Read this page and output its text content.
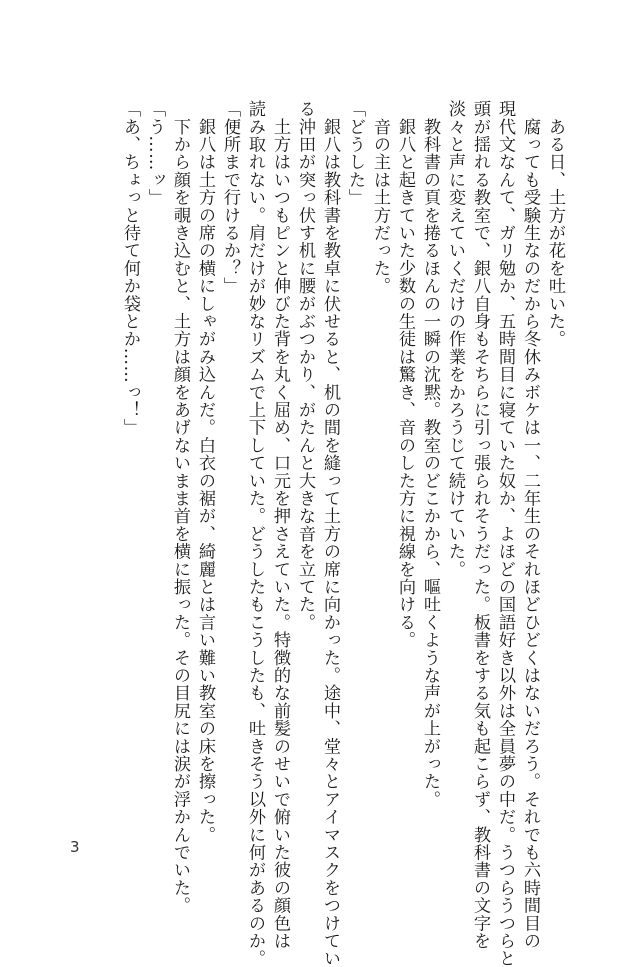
　ある日、土方が花を吐いた。
　腐っても受験生なのだから冬休みボケは一、二年生のそれほどひどくはないだろう。それでも六時間目の
現代文なんて、ガリ勉か、五時間目に寝ていた奴か、よほどの国語好き以外は全員夢の中だ。うつらうつらと
頭が揺れる教室で、銀八自身もそちらに引っ張られそうだった。板書をする気も起こらず、教科書の文字を
淡々と声に変えていくだけの作業をかろうじて続けていた。
　教科書の頁を捲るほんの一瞬の沈黙。教室のどこかから、嘔吐くような声が上がった。
　銀八と起きていた少数の生徒は驚き、音のした方に視線を向ける。
　音の主は土方だった。
「どうした」
　銀八は教科書を教卓に伏せると、机の間を縫って土方の席に向かった。途中、堂々とアイマスクをつけてい
る沖田が突っ伏す机に腰がぶつかり、がたんと大きな音を立てた。
　土方はいつもピンと伸びた背を丸く屈め、口元を押さえていた。特徴的な前髪のせいで俯いた彼の顔色は
読み取れない。肩だけが妙なリズムで上下していた。どうしたもこうしたも、吐きそう以外に何があるのか。
「便所まで行けるか？」
　銀八は土方の席の横にしゃがみ込んだ。白衣の裾が、綺麗とは言い難い教室の床を擦った。
　下から顔を覗き込むと、土方は顔をあげないまま首を横に振った。その目尻には涙が浮かんでいた。
「う……ッ」
「あ、ちょっと待て何か袋とか……っ！」
3
